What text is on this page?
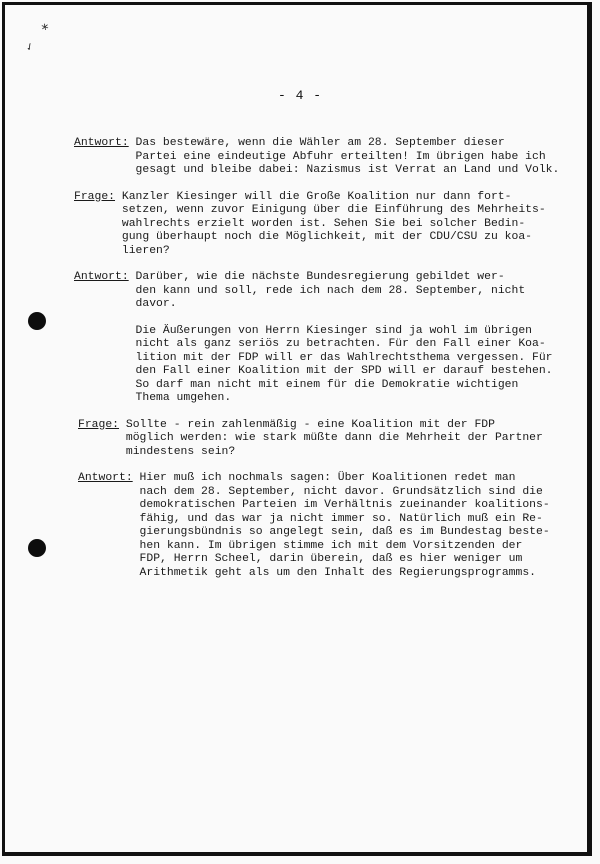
*
✓
- 4 -
Antwort: Das bestewäre, wenn die Wähler am 28. September dieser
Partei eine eindeutige Abfuhr erteilten! Im übrigen habe ich
gesagt und bleibe dabei: Nazismus ist Verrat an Land und Volk.
Frage: Kanzler Kiesinger will die Große Koalition nur dann fort-
setzen, wenn zuvor Einigung über die Einführung des Mehrheits-
wahlrechts erzielt worden ist. Sehen Sie bei solcher Bedin-
gung überhaupt noch die Möglichkeit, mit der CDU/CSU zu koa-
lieren?
Antwort: Darüber, wie die nächste Bundesregierung gebildet wer-
den kann und soll, rede ich nach dem 28. September, nicht
davor.
Die Äußerungen von Herrn Kiesinger sind ja wohl im übrigen
nicht als ganz seriös zu betrachten. Für den Fall einer Koa-
lition mit der FDP will er das Wahlrechtsthema vergessen. Für
den Fall einer Koalition mit der SPD will er darauf bestehen.
So darf man nicht mit einem für die Demokratie wichtigen
Thema umgehen.
Frage: Sollte - rein zahlenmäßig - eine Koalition mit der FDP
möglich werden: wie stark müßte dann die Mehrheit der Partner
mindestens sein?
Antwort: Hier muß ich nochmals sagen: Über Koalitionen redet man
nach dem 28. September, nicht davor. Grundsätzlich sind die
demokratischen Parteien im Verhältnis zueinander koalitions-
fähig, und das war ja nicht immer so. Natürlich muß ein Re-
gierungsbündnis so angelegt sein, daß es im Bundestag beste-
hen kann. Im übrigen stimme ich mit dem Vorsitzenden der
FDP, Herrn Scheel, darin überein, daß es hier weniger um
Arithmetik geht als um den Inhalt des Regierungsprogramms.
